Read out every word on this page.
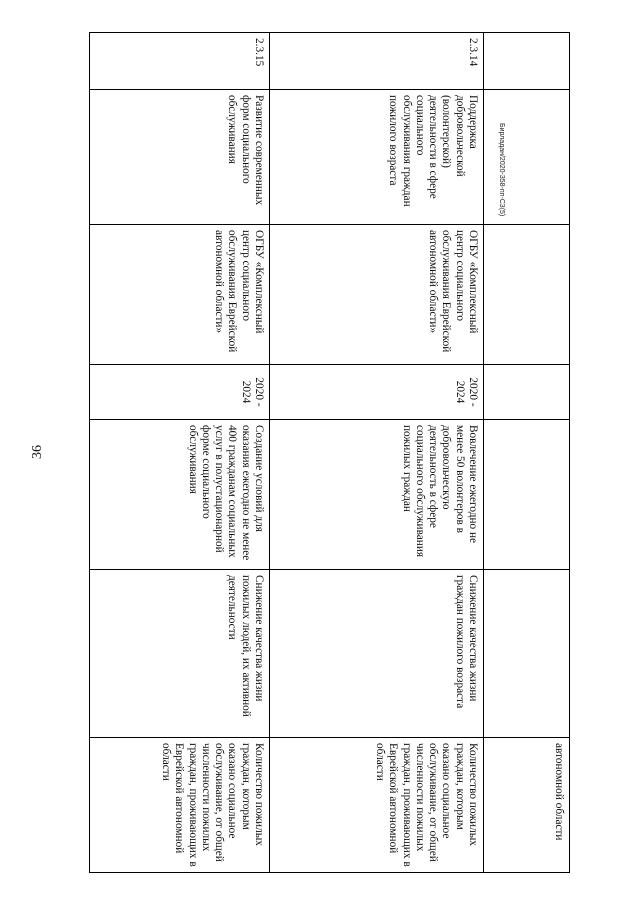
36
						автономной области
2.3.14	Поддержка добровольческой (волонтерской) деятельности в сфере социального обслуживания граждан пожилого возраста	ОГБУ «Комплексный центр социального обслуживания Еврейской автономной области»	2020 - 2024	Вовлечение ежегодно не менее 50 волонтеров в добровольческую деятельность в сфере социального обслуживания пожилых граждан	Снижение качества жизни граждан пожилого возраста	Количество пожилых граждан, которым оказано социальное обслуживание, от общей численности пожилых граждан, проживающих в Еврейской автономной области
2.3.15	Развитие современных форм социального обслуживания	ОГБУ «Комплексный центр социального обслуживания Еврейской автономной области»	2020 - 2024	Создание условий для оказания ежегодно не менее 400 гражданам социальных услуг в полустационарной форме социального обслуживания	Снижение качества жизни пожилых людей, их активной деятельности	Количество пожилых граждан, которым оказано социальное обслуживание, от общей численности пожилых граждан, проживающих в Еврейской автономной области
Бирладан/2020-358-пп-С3(5)
